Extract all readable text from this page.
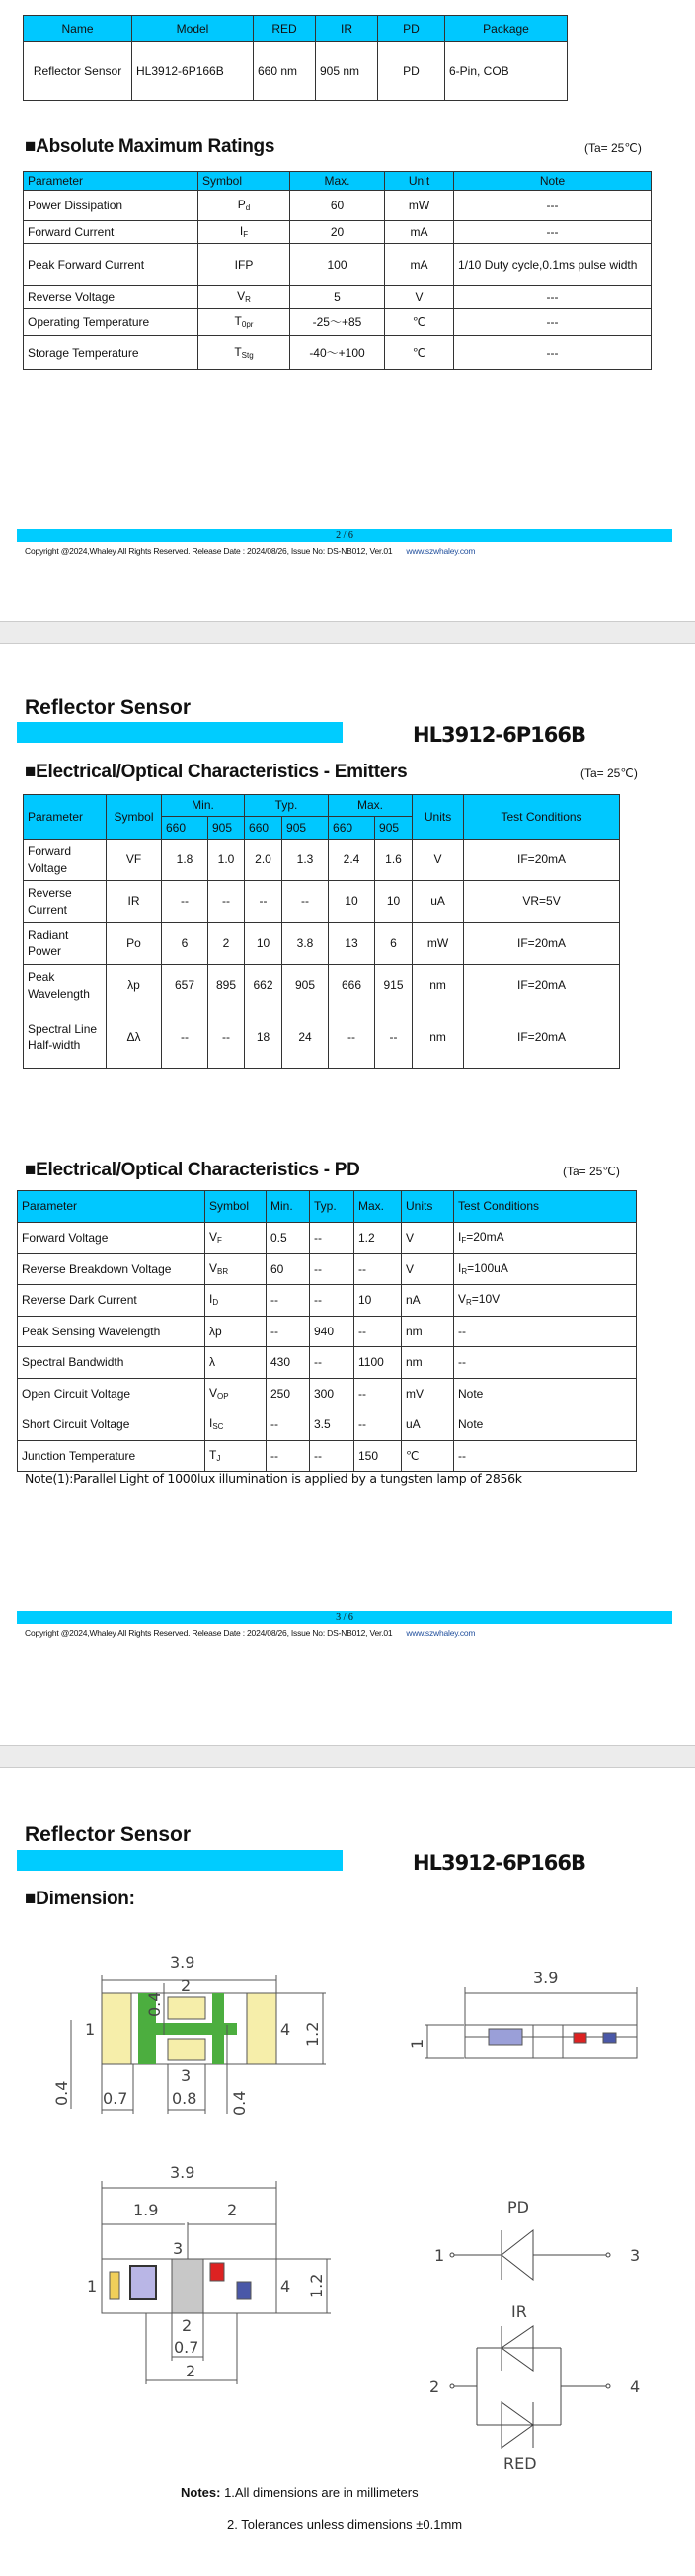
Name	Model	RED	IR	PD	Package
Reflector Sensor	HL3912-6P166B	660 nm	905 nm	PD	6-Pin, COB
■Absolute Maximum Ratings	(Ta= 25℃)
Parameter	Symbol	Max.	Unit	Note
Power Dissipation	$P_d$	60	mW	---
Forward Current	$I_F$	20	mA	---
Peak Forward Current	IFP	100	mA	1/10 Duty cycle,0.1ms pulse width
Reverse Voltage	$V_R$	5	V	---
Operating Temperature	$T_{0pr}$	-25～+85	℃	---
Storage Temperature	$T_{Stg}$	-40～+100	℃	---
2 / 6
Copyright @2024,Whaley All Rights Reserved. Release Date : 2024/08/26, Issue No: DS-NB012, Ver.01 www.szwhaley.com
Reflector Sensor
HL3912-6P166B
■Electrical/Optical Characteristics - Emitters	(Ta= 25℃)
Parameter	Symbol	Min.		Typ.		Max.		Units	Test Conditions
		660	905	660	905	660	905		
Forward Voltage	VF	1.8	1.0	2.0	1.3	2.4	1.6	V	IF=20mA
Reverse Current	IR	--	--	--	--	10	10	uA	VR=5V
Radiant Power	Po	6	2	10	3.8	13	6	mW	IF=20mA
Peak Wavelength	λp	657	895	662	905	666	915	nm	IF=20mA
Spectral Line Half-width	Δλ	--	--	18	24	--	--	nm	IF=20mA
■Electrical/Optical Characteristics - PD	(Ta= 25℃)
Parameter	Symbol	Min.	Typ.	Max.	Units	Test Conditions
Forward Voltage	$V_F$	0.5	--	1.2	V	$I_F=20mA$
Reverse Breakdown Voltage	$V_{BR}$	60	--	--	V	$I_R=100uA$
Reverse Dark Current	$I_D$	--	--	10	nA	$V_R=10V$
Peak Sensing Wavelength	λp	--	940	--	nm	--
Spectral Bandwidth	λ	430	--	1100	nm	--
Open Circuit Voltage	$V_{OP}$	250	300	--	mV	Note
Short Circuit Voltage	$I_{SC}$	--	3.5	--	uA	Note
Junction Temperature	$T_J$	--	--	150	℃	--
Note(1):Parallel Light of 1000lux illumination is applied by a tungsten lamp of 2856k
3 / 6
Copyright @2024,Whaley All Rights Reserved. Release Date : 2024/08/26, Issue No: DS-NB012, Ver.01 www.szwhaley.com
Reflector Sensor
HL3912-6P166B
■Dimension:
3.9
0.4
2
1	4 1.2
0.4
3
0.7	0.8 0.4
3.9
1
3.9
1.9	2
3
1	4 1.2
2
0.7
2
PD
IR
RED
1
2
3
4
Notes: 1.All dimensions are in millimeters
2. Tolerances unless dimensions ±0.1mm
